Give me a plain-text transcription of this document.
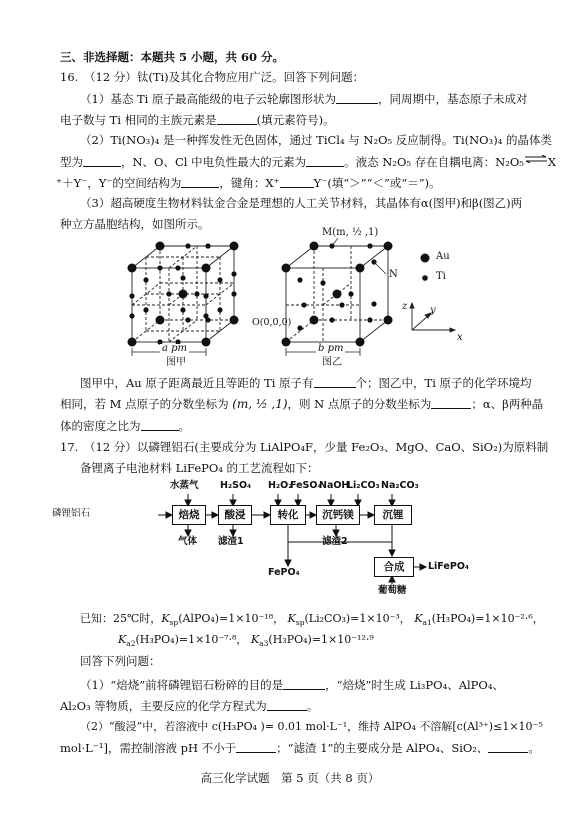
三、非选择题：本题共 5 小题，共 60 分。
16.　（12 分）钛(Ti)及其化合物应用广泛。回答下列问题：
（1）基态 Ti 原子最高能级的电子云轮廓图形状为	，同周期中，基态原子未成对
电子数与 Ti 相同的主族元素是	(填元素符号)。
（2）Ti(NO₃)₄ 是一种挥发性无色固体，通过 TiCl₄ 与 N₂O₅ 反应制得。Ti(NO₃)₄ 的晶体类
型为	，N、O、Cl 中电负性最大的元素为	。液态 N₂O₅ 存在自耦电离：N₂O₅⇌X
⁺＋Y⁻，Y⁻的空间结构为	，键角：X⁺	Y⁻(填“＞”“＜”或“＝”)。
（3）超高硬度生物材料钛金合金是理想的人工关节材料，其晶体有α(图甲)和β(图乙)两
种立方晶胞结构，如图所示。
a pm
图甲
M(m, ½ ,1)
N
O(0,0,0)
b pm
图乙
Au
Ti
z y
x
图甲中，Au 原子距离最近且等距的 Ti 原子有	个；图乙中，Ti 原子的化学环境均
相同，若 M 点原子的分数坐标为 (m, ½ ,1)，则 N 点原子的分数坐标为	；α、β两种晶
体的密度之比为	。
17.　（12 分）以磷锂铝石(主要成分为 LiAlPO₄F，少量 Fe₂O₃、MgO、CaO、SiO₂)为原料制
备锂离子电池材料 LiFePO₄ 的工艺流程如下：
磷锂铝石
水蒸气 H₂SO₄ H₂O₂
FeSO₄
NaOH
Li₂CO₃ Na₂CO₃
焙烧	酸浸	转化	沉钙镁	沉锂
合成
气体 滤渣1	滤渣2
FePO₄
LiFePO₄
葡萄糖
已知：25℃时，$K_{sp}(AlPO_4)=1\times 10^{-18}$， $K_{sp}(Li_2CO_3)=1\times 10^{-3}$， $K_{a1}(H_3PO_4)=1\times 10^{-2}\cdot^6$，
$K_{a2}(H_3PO_4)=1\times 10^{-7}\cdot^8$， $K_{a3}(H_3PO_4)=1\times 10^{-12}\cdot^9$
回答下列问题：
（1）“焙烧”前将磷锂铝石粉碎的目的是	，“焙烧”时生成 Li₃PO₄、AlPO₄、
Al₂O₃ 等物质，主要反应的化学方程式为	。
（2）“酸浸”中，若溶液中 c(H₃PO₄ )= 0.01 mol·L⁻¹，维持 AlPO₄ 不溶解[c(Al³⁺)≤1×10⁻⁵
mol·L⁻¹]，需控制溶液 pH 不小于	；“滤渣 1”的主要成分是 AlPO₄、SiO₂、	。
高三化学试题　第 5 页（共 8 页）
